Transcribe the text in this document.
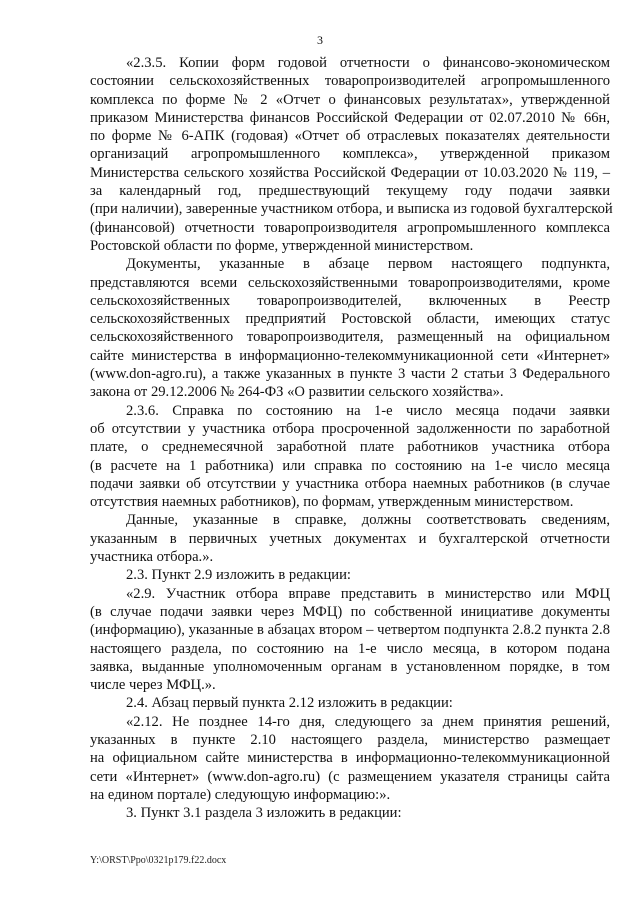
3
«2.3.5. Копии форм годовой отчетности о финансово-экономическом
состоянии сельскохозяйственных товаропроизводителей агропромышленного
комплекса по форме № 2 «Отчет о финансовых результатах», утвержденной
приказом Министерства финансов Российской Федерации от 02.07.2010 № 66н,
по форме № 6-АПК (годовая) «Отчет об отраслевых показателях деятельности
организаций агропромышленного комплекса», утвержденной приказом
Министерства сельского хозяйства Российской Федерации от 10.03.2020 № 119, –
за календарный год, предшествующий текущему году подачи заявки
(при наличии), заверенные участником отбора, и выписка из годовой бухгалтерской
(финансовой) отчетности товаропроизводителя агропромышленного комплекса
Ростовской области по форме, утвержденной министерством.
Документы, указанные в абзаце первом настоящего подпункта,
представляются всеми сельскохозяйственными товаропроизводителями, кроме
сельскохозяйственных товаропроизводителей, включенных в Реестр
сельскохозяйственных предприятий Ростовской области, имеющих статус
сельскохозяйственного товаропроизводителя, размещенный на официальном
сайте министерства в информационно-телекоммуникационной сети «Интернет»
(www.don-agro.ru), а также указанных в пункте 3 части 2 статьи 3 Федерального
закона от 29.12.2006 № 264-ФЗ «О развитии сельского хозяйства».
2.3.6. Справка по состоянию на 1-е число месяца подачи заявки
об отсутствии у участника отбора просроченной задолженности по заработной
плате, о среднемесячной заработной плате работников участника отбора
(в расчете на 1 работника) или справка по состоянию на 1-е число месяца
подачи заявки об отсутствии у участника отбора наемных работников (в случае
отсутствия наемных работников), по формам, утвержденным министерством.
Данные, указанные в справке, должны соответствовать сведениям,
указанным в первичных учетных документах и бухгалтерской отчетности
участника отбора.».
2.3. Пункт 2.9 изложить в редакции:
«2.9. Участник отбора вправе представить в министерство или МФЦ
(в случае подачи заявки через МФЦ) по собственной инициативе документы
(информацию), указанные в абзацах втором – четвертом подпункта 2.8.2 пункта 2.8
настоящего раздела, по состоянию на 1-е число месяца, в котором подана
заявка, выданные уполномоченным органам в установленном порядке, в том
числе через МФЦ.».
2.4. Абзац первый пункта 2.12 изложить в редакции:
«2.12. Не позднее 14-го дня, следующего за днем принятия решений,
указанных в пункте 2.10 настоящего раздела, министерство размещает
на официальном сайте министерства в информационно-телекоммуникационной
сети «Интернет» (www.don-agro.ru) (с размещением указателя страницы сайта
на едином портале) следующую информацию:».
3. Пункт 3.1 раздела 3 изложить в редакции:
Y:\ORST\Ppo\0321p179.f22.docx
